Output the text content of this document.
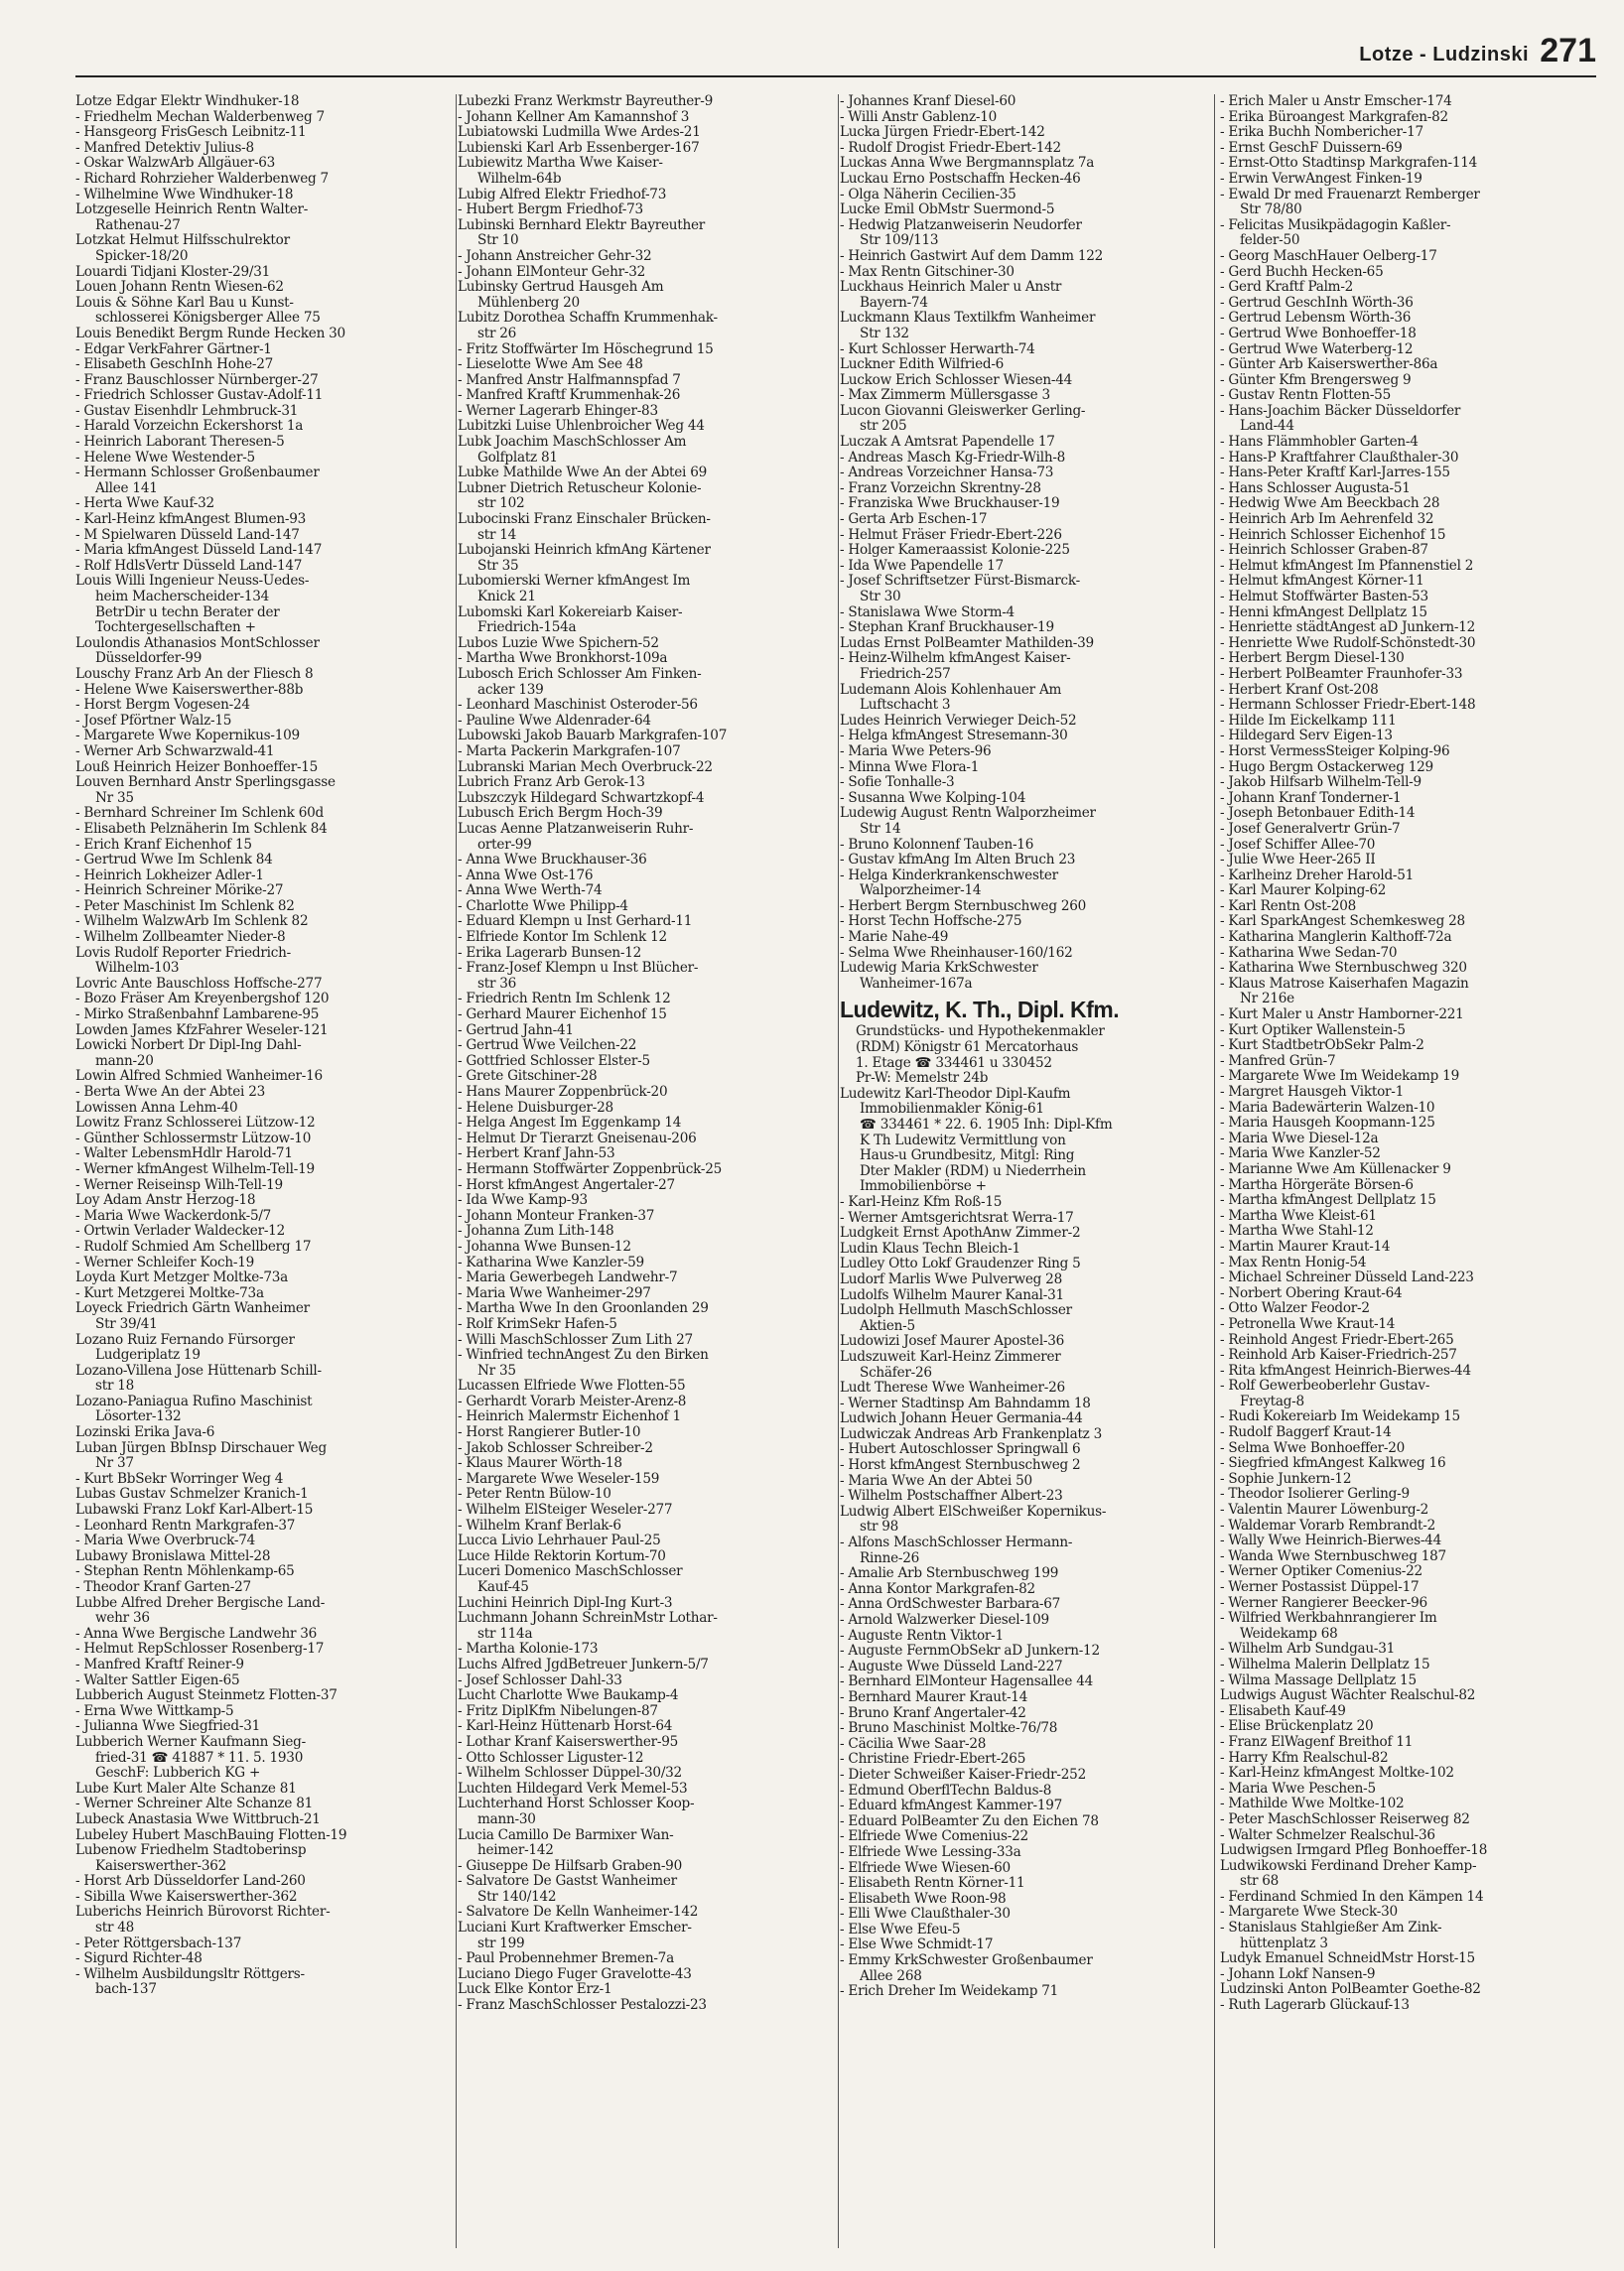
Lotze - Ludzinski 271
Lotze Edgar Elektr Windhuker-18
- Friedhelm Mechan Walderbenweg 7
- Hansgeorg FrisGesch Leibnitz-11
- Manfred Detektiv Julius-8
- Oskar WalzwArb Allgäuer-63
- Richard Rohrzieher Walderbenweg 7
- Wilhelmine Wwe Windhuker-18
Lotzgeselle Heinrich Rentn Walter-
Rathenau-27
Lotzkat Helmut Hilfsschulrektor
Spicker-18/20
Louardi Tidjani Kloster-29/31
Louen Johann Rentn Wiesen-62
Louis & Söhne Karl Bau u Kunst-
schlosserei Königsberger Allee 75
Louis Benedikt Bergm Runde Hecken 30
- Edgar VerkFahrer Gärtner-1
- Elisabeth GeschInh Hohe-27
- Franz Bauschlosser Nürnberger-27
- Friedrich Schlosser Gustav-Adolf-11
- Gustav Eisenhdlr Lehmbruck-31
- Harald Vorzeichn Eckershorst 1a
- Heinrich Laborant Theresen-5
- Helene Wwe Westender-5
- Hermann Schlosser Großenbaumer
Allee 141
- Herta Wwe Kauf-32
- Karl-Heinz kfmAngest Blumen-93
- M Spielwaren Düsseld Land-147
- Maria kfmAngest Düsseld Land-147
- Rolf HdlsVertr Düsseld Land-147
Louis Willi Ingenieur Neuss-Uedes-
heim Macherscheider-134
BetrDir u techn Berater der
Tochtergesellschaften +
Loulondis Athanasios MontSchlosser
Düsseldorfer-99
Louschy Franz Arb An der Fliesch 8
- Helene Wwe Kaiserswerther-88b
- Horst Bergm Vogesen-24
- Josef Pförtner Walz-15
- Margarete Wwe Kopernikus-109
- Werner Arb Schwarzwald-41
Louß Heinrich Heizer Bonhoeffer-15
Louven Bernhard Anstr Sperlingsgasse
Nr 35
- Bernhard Schreiner Im Schlenk 60d
- Elisabeth Pelznäherin Im Schlenk 84
- Erich Kranf Eichenhof 15
- Gertrud Wwe Im Schlenk 84
- Heinrich Lokheizer Adler-1
- Heinrich Schreiner Mörike-27
- Peter Maschinist Im Schlenk 82
- Wilhelm WalzwArb Im Schlenk 82
- Wilhelm Zollbeamter Nieder-8
Lovis Rudolf Reporter Friedrich-
Wilhelm-103
Lovric Ante Bauschloss Hoffsche-277
- Bozo Fräser Am Kreyenbergshof 120
- Mirko Straßenbahnf Lambarene-95
Lowden James KfzFahrer Weseler-121
Lowicki Norbert Dr Dipl-Ing Dahl-
mann-20
Lowin Alfred Schmied Wanheimer-16
- Berta Wwe An der Abtei 23
Lowissen Anna Lehm-40
Lowitz Franz Schlosserei Lützow-12
- Günther Schlossermstr Lützow-10
- Walter LebensmHdlr Harold-71
- Werner kfmAngest Wilhelm-Tell-19
- Werner Reiseinsp Wilh-Tell-19
Loy Adam Anstr Herzog-18
- Maria Wwe Wackerdonk-5/7
- Ortwin Verlader Waldecker-12
- Rudolf Schmied Am Schellberg 17
- Werner Schleifer Koch-19
Loyda Kurt Metzger Moltke-73a
- Kurt Metzgerei Moltke-73a
Loyeck Friedrich Gärtn Wanheimer
Str 39/41
Lozano Ruiz Fernando Fürsorger
Ludgeriplatz 19
Lozano-Villena Jose Hüttenarb Schill-
str 18
Lozano-Paniagua Rufino Maschinist
Lösorter-132
Lozinski Erika Java-6
Luban Jürgen BbInsp Dirschauer Weg
Nr 37
- Kurt BbSekr Worringer Weg 4
Lubas Gustav Schmelzer Kranich-1
Lubawski Franz Lokf Karl-Albert-15
- Leonhard Rentn Markgrafen-37
- Maria Wwe Overbruck-74
Lubawy Bronislawa Mittel-28
- Stephan Rentn Möhlenkamp-65
- Theodor Kranf Garten-27
Lubbe Alfred Dreher Bergische Land-
wehr 36
- Anna Wwe Bergische Landwehr 36
- Helmut RepSchlosser Rosenberg-17
- Manfred Kraftf Reiner-9
- Walter Sattler Eigen-65
Lubberich August Steinmetz Flotten-37
- Erna Wwe Wittkamp-5
- Julianna Wwe Siegfried-31
Lubberich Werner Kaufmann Sieg-
fried-31 ☎ 41887 * 11. 5. 1930
GeschF: Lubberich KG +
Lube Kurt Maler Alte Schanze 81
- Werner Schreiner Alte Schanze 81
Lubeck Anastasia Wwe Wittbruch-21
Lubeley Hubert MaschBauing Flotten-19
Lubenow Friedhelm Stadtoberinsp
Kaiserswerther-362
- Horst Arb Düsseldorfer Land-260
- Sibilla Wwe Kaiserswerther-362
Luberichs Heinrich Bürovorst Richter-
str 48
- Peter Röttgersbach-137
- Sigurd Richter-48
- Wilhelm Ausbildungsltr Röttgers-
bach-137
Lubezki Franz Werkmstr Bayreuther-9
- Johann Kellner Am Kamannshof 3
Lubiatowski Ludmilla Wwe Ardes-21
Lubienski Karl Arb Essenberger-167
Lubiewitz Martha Wwe Kaiser-
Wilhelm-64b
Lubig Alfred Elektr Friedhof-73
- Hubert Bergm Friedhof-73
Lubinski Bernhard Elektr Bayreuther
Str 10
- Johann Anstreicher Gehr-32
- Johann ElMonteur Gehr-32
Lubinsky Gertrud Hausgeh Am
Mühlenberg 20
Lubitz Dorothea Schaffn Krummenhak-
str 26
- Fritz Stoffwärter Im Höschegrund 15
- Lieselotte Wwe Am See 48
- Manfred Anstr Halfmannspfad 7
- Manfred Kraftf Krummenhak-26
- Werner Lagerarb Ehinger-83
Lubitzki Luise Uhlenbroicher Weg 44
Lubk Joachim MaschSchlosser Am
Golfplatz 81
Lubke Mathilde Wwe An der Abtei 69
Lubner Dietrich Retuscheur Kolonie-
str 102
Lubocinski Franz Einschaler Brücken-
str 14
Lubojanski Heinrich kfmAng Kärtener
Str 35
Lubomierski Werner kfmAngest Im
Knick 21
Lubomski Karl Kokereiarb Kaiser-
Friedrich-154a
Lubos Luzie Wwe Spichern-52
- Martha Wwe Bronkhorst-109a
Lubosch Erich Schlosser Am Finken-
acker 139
- Leonhard Maschinist Osteroder-56
- Pauline Wwe Aldenrader-64
Lubowski Jakob Bauarb Markgrafen-107
- Marta Packerin Markgrafen-107
Lubranski Marian Mech Overbruck-22
Lubrich Franz Arb Gerok-13
Lubszczyk Hildegard Schwartzkopf-4
Lubusch Erich Bergm Hoch-39
Lucas Aenne Platzanweiserin Ruhr-
orter-99
- Anna Wwe Bruckhauser-36
- Anna Wwe Ost-176
- Anna Wwe Werth-74
- Charlotte Wwe Philipp-4
- Eduard Klempn u Inst Gerhard-11
- Elfriede Kontor Im Schlenk 12
- Erika Lagerarb Bunsen-12
- Franz-Josef Klempn u Inst Blücher-
str 36
- Friedrich Rentn Im Schlenk 12
- Gerhard Maurer Eichenhof 15
- Gertrud Jahn-41
- Gertrud Wwe Veilchen-22
- Gottfried Schlosser Elster-5
- Grete Gitschiner-28
- Hans Maurer Zoppenbrück-20
- Helene Duisburger-28
- Helga Angest Im Eggenkamp 14
- Helmut Dr Tierarzt Gneisenau-206
- Herbert Kranf Jahn-53
- Hermann Stoffwärter Zoppenbrück-25
- Horst kfmAngest Angertaler-27
- Ida Wwe Kamp-93
- Johann Monteur Franken-37
- Johanna Zum Lith-148
- Johanna Wwe Bunsen-12
- Katharina Wwe Kanzler-59
- Maria Gewerbegeh Landwehr-7
- Maria Wwe Wanheimer-297
- Martha Wwe In den Groonlanden 29
- Rolf KrimSekr Hafen-5
- Willi MaschSchlosser Zum Lith 27
- Winfried technAngest Zu den Birken
Nr 35
Lucassen Elfriede Wwe Flotten-55
- Gerhardt Vorarb Meister-Arenz-8
- Heinrich Malermstr Eichenhof 1
- Horst Rangierer Butler-10
- Jakob Schlosser Schreiber-2
- Klaus Maurer Wörth-18
- Margarete Wwe Weseler-159
- Peter Rentn Bülow-10
- Wilhelm ElSteiger Weseler-277
- Wilhelm Kranf Berlak-6
Lucca Livio Lehrhauer Paul-25
Luce Hilde Rektorin Kortum-70
Luceri Domenico MaschSchlosser
Kauf-45
Luchini Heinrich Dipl-Ing Kurt-3
Luchmann Johann SchreinMstr Lothar-
str 114a
- Martha Kolonie-173
Luchs Alfred JgdBetreuer Junkern-5/7
- Josef Schlosser Dahl-33
Lucht Charlotte Wwe Baukamp-4
- Fritz DiplKfm Nibelungen-87
- Karl-Heinz Hüttenarb Horst-64
- Lothar Kranf Kaiserswerther-95
- Otto Schlosser Liguster-12
- Wilhelm Schlosser Düppel-30/32
Luchten Hildegard Verk Memel-53
Luchterhand Horst Schlosser Koop-
mann-30
Lucia Camillo De Barmixer Wan-
heimer-142
- Giuseppe De Hilfsarb Graben-90
- Salvatore De Gastst Wanheimer
Str 140/142
- Salvatore De Kelln Wanheimer-142
Luciani Kurt Kraftwerker Emscher-
str 199
- Paul Probennehmer Bremen-7a
Luciano Diego Fuger Gravelotte-43
Luck Elke Kontor Erz-1
- Franz MaschSchlosser Pestalozzi-23
- Johannes Kranf Diesel-60
- Willi Anstr Gablenz-10
Lucka Jürgen Friedr-Ebert-142
- Rudolf Drogist Friedr-Ebert-142
Luckas Anna Wwe Bergmannsplatz 7a
Luckau Erno Postschaffn Hecken-46
- Olga Näherin Cecilien-35
Lucke Emil ObMstr Suermond-5
- Hedwig Platzanweiserin Neudorfer
Str 109/113
- Heinrich Gastwirt Auf dem Damm 122
- Max Rentn Gitschiner-30
Luckhaus Heinrich Maler u Anstr
Bayern-74
Luckmann Klaus Textilkfm Wanheimer
Str 132
- Kurt Schlosser Herwarth-74
Luckner Edith Wilfried-6
Luckow Erich Schlosser Wiesen-44
- Max Zimmerm Müllersgasse 3
Lucon Giovanni Gleiswerker Gerling-
str 205
Luczak A Amtsrat Papendelle 17
- Andreas Masch Kg-Friedr-Wilh-8
- Andreas Vorzeichner Hansa-73
- Franz Vorzeichn Skrentny-28
- Franziska Wwe Bruckhauser-19
- Gerta Arb Eschen-17
- Helmut Fräser Friedr-Ebert-226
- Holger Kameraassist Kolonie-225
- Ida Wwe Papendelle 17
- Josef Schriftsetzer Fürst-Bismarck-
Str 30
- Stanislawa Wwe Storm-4
- Stephan Kranf Bruckhauser-19
Ludas Ernst PolBeamter Mathilden-39
- Heinz-Wilhelm kfmAngest Kaiser-
Friedrich-257
Ludemann Alois Kohlenhauer Am
Luftschacht 3
Ludes Heinrich Verwieger Deich-52
- Helga kfmAngest Stresemann-30
- Maria Wwe Peters-96
- Minna Wwe Flora-1
- Sofie Tonhalle-3
- Susanna Wwe Kolping-104
Ludewig August Rentn Walporzheimer
Str 14
- Bruno Kolonnenf Tauben-16
- Gustav kfmAng Im Alten Bruch 23
- Helga Kinderkrankenschwester
Walporzheimer-14
- Herbert Bergm Sternbuschweg 260
- Horst Techn Hoffsche-275
- Marie Nahe-49
- Selma Wwe Rheinhauser-160/162
Ludewig Maria KrkSchwester
Wanheimer-167a
Ludewitz, K. Th., Dipl. Kfm.
Grundstücks- und Hypothekenmakler
(RDM) Königstr 61 Mercatorhaus
1. Etage ☎ 334461 u 330452
Pr-W: Memelstr 24b
Ludewitz Karl-Theodor Dipl-Kaufm
Immobilienmakler König-61
☎ 334461 * 22. 6. 1905 Inh: Dipl-Kfm
K Th Ludewitz Vermittlung von
Haus-u Grundbesitz, Mitgl: Ring
Dter Makler (RDM) u Niederrhein
Immobilienbörse +
- Karl-Heinz Kfm Roß-15
- Werner Amtsgerichtsrat Werra-17
Ludgkeit Ernst ApothAnw Zimmer-2
Ludin Klaus Techn Bleich-1
Ludley Otto Lokf Graudenzer Ring 5
Ludorf Marlis Wwe Pulverweg 28
Ludolfs Wilhelm Maurer Kanal-31
Ludolph Hellmuth MaschSchlosser
Aktien-5
Ludowizi Josef Maurer Apostel-36
Ludszuweit Karl-Heinz Zimmerer
Schäfer-26
Ludt Therese Wwe Wanheimer-26
- Werner Stadtinsp Am Bahndamm 18
Ludwich Johann Heuer Germania-44
Ludwiczak Andreas Arb Frankenplatz 3
- Hubert Autoschlosser Springwall 6
- Horst kfmAngest Sternbuschweg 2
- Maria Wwe An der Abtei 50
- Wilhelm Postschaffner Albert-23
Ludwig Albert ElSchweißer Kopernikus-
str 98
- Alfons MaschSchlosser Hermann-
Rinne-26
- Amalie Arb Sternbuschweg 199
- Anna Kontor Markgrafen-82
- Anna OrdSchwester Barbara-67
- Arnold Walzwerker Diesel-109
- Auguste Rentn Viktor-1
- Auguste FernmObSekr aD Junkern-12
- Auguste Wwe Düsseld Land-227
- Bernhard ElMonteur Hagensallee 44
- Bernhard Maurer Kraut-14
- Bruno Kranf Angertaler-42
- Bruno Maschinist Moltke-76/78
- Cäcilia Wwe Saar-28
- Christine Friedr-Ebert-265
- Dieter Schweißer Kaiser-Friedr-252
- Edmund OberflTechn Baldus-8
- Eduard kfmAngest Kammer-197
- Eduard PolBeamter Zu den Eichen 78
- Elfriede Wwe Comenius-22
- Elfriede Wwe Lessing-33a
- Elfriede Wwe Wiesen-60
- Elisabeth Rentn Körner-11
- Elisabeth Wwe Roon-98
- Elli Wwe Claußthaler-30
- Else Wwe Efeu-5
- Else Wwe Schmidt-17
- Emmy KrkSchwester Großenbaumer
Allee 268
- Erich Dreher Im Weidekamp 71
- Erich Maler u Anstr Emscher-174
- Erika Büroangest Markgrafen-82
- Erika Buchh Nombericher-17
- Ernst GeschF Duissern-69
- Ernst-Otto Stadtinsp Markgrafen-114
- Erwin VerwAngest Finken-19
- Ewald Dr med Frauenarzt Remberger
Str 78/80
- Felicitas Musikpädagogin Kaßler-
felder-50
- Georg MaschHauer Oelberg-17
- Gerd Buchh Hecken-65
- Gerd Kraftf Palm-2
- Gertrud GeschInh Wörth-36
- Gertrud Lebensm Wörth-36
- Gertrud Wwe Bonhoeffer-18
- Gertrud Wwe Waterberg-12
- Günter Arb Kaiserswerther-86a
- Günter Kfm Brengersweg 9
- Gustav Rentn Flotten-55
- Hans-Joachim Bäcker Düsseldorfer
Land-44
- Hans Flämmhobler Garten-4
- Hans-P Kraftfahrer Claußthaler-30
- Hans-Peter Kraftf Karl-Jarres-155
- Hans Schlosser Augusta-51
- Hedwig Wwe Am Beeckbach 28
- Heinrich Arb Im Aehrenfeld 32
- Heinrich Schlosser Eichenhof 15
- Heinrich Schlosser Graben-87
- Helmut kfmAngest Im Pfannenstiel 2
- Helmut kfmAngest Körner-11
- Helmut Stoffwärter Basten-53
- Henni kfmAngest Dellplatz 15
- Henriette städtAngest aD Junkern-12
- Henriette Wwe Rudolf-Schönstedt-30
- Herbert Bergm Diesel-130
- Herbert PolBeamter Fraunhofer-33
- Herbert Kranf Ost-208
- Hermann Schlosser Friedr-Ebert-148
- Hilde Im Eickelkamp 111
- Hildegard Serv Eigen-13
- Horst VermessSteiger Kolping-96
- Hugo Bergm Ostackerweg 129
- Jakob Hilfsarb Wilhelm-Tell-9
- Johann Kranf Tonderner-1
- Joseph Betonbauer Edith-14
- Josef Generalvertr Grün-7
- Josef Schiffer Allee-70
- Julie Wwe Heer-265 II
- Karlheinz Dreher Harold-51
- Karl Maurer Kolping-62
- Karl Rentn Ost-208
- Karl SparkAngest Schemkesweg 28
- Katharina Manglerin Kalthoff-72a
- Katharina Wwe Sedan-70
- Katharina Wwe Sternbuschweg 320
- Klaus Matrose Kaiserhafen Magazin
Nr 216e
- Kurt Maler u Anstr Hamborner-221
- Kurt Optiker Wallenstein-5
- Kurt StadtbetrObSekr Palm-2
- Manfred Grün-7
- Margarete Wwe Im Weidekamp 19
- Margret Hausgeh Viktor-1
- Maria Badewärterin Walzen-10
- Maria Hausgeh Koopmann-125
- Maria Wwe Diesel-12a
- Maria Wwe Kanzler-52
- Marianne Wwe Am Küllenacker 9
- Martha Hörgeräte Börsen-6
- Martha kfmAngest Dellplatz 15
- Martha Wwe Kleist-61
- Martha Wwe Stahl-12
- Martin Maurer Kraut-14
- Max Rentn Honig-54
- Michael Schreiner Düsseld Land-223
- Norbert Obering Kraut-64
- Otto Walzer Feodor-2
- Petronella Wwe Kraut-14
- Reinhold Angest Friedr-Ebert-265
- Reinhold Arb Kaiser-Friedrich-257
- Rita kfmAngest Heinrich-Bierwes-44
- Rolf Gewerbeoberlehr Gustav-
Freytag-8
- Rudi Kokereiarb Im Weidekamp 15
- Rudolf Baggerf Kraut-14
- Selma Wwe Bonhoeffer-20
- Siegfried kfmAngest Kalkweg 16
- Sophie Junkern-12
- Theodor Isolierer Gerling-9
- Valentin Maurer Löwenburg-2
- Waldemar Vorarb Rembrandt-2
- Wally Wwe Heinrich-Bierwes-44
- Wanda Wwe Sternbuschweg 187
- Werner Optiker Comenius-22
- Werner Postassist Düppel-17
- Werner Rangierer Beecker-96
- Wilfried Werkbahnrangierer Im
Weidekamp 68
- Wilhelm Arb Sundgau-31
- Wilhelma Malerin Dellplatz 15
- Wilma Massage Dellplatz 15
Ludwigs August Wächter Realschul-82
- Elisabeth Kauf-49
- Elise Brückenplatz 20
- Franz ElWagenf Breithof 11
- Harry Kfm Realschul-82
- Karl-Heinz kfmAngest Moltke-102
- Maria Wwe Peschen-5
- Mathilde Wwe Moltke-102
- Peter MaschSchlosser Reiserweg 82
- Walter Schmelzer Realschul-36
Ludwigsen Irmgard Pfleg Bonhoeffer-18
Ludwikowski Ferdinand Dreher Kamp-
str 68
- Ferdinand Schmied In den Kämpen 14
- Margarete Wwe Steck-30
- Stanislaus Stahlgießer Am Zink-
hüttenplatz 3
Ludyk Emanuel SchneidMstr Horst-15
- Johann Lokf Nansen-9
Ludzinski Anton PolBeamter Goethe-82
- Ruth Lagerarb Glückauf-13
